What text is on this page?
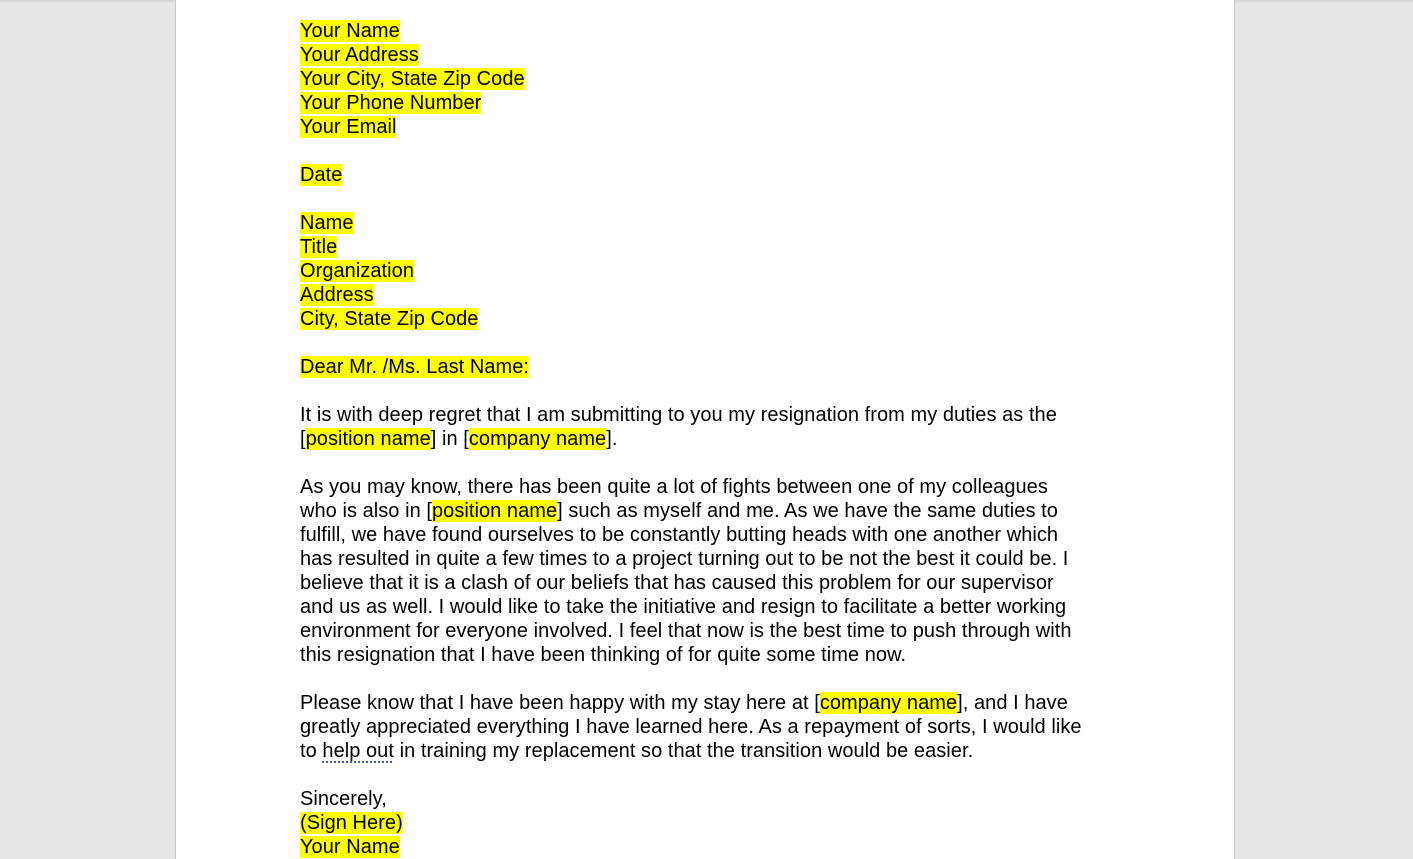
Your Name
Your Address
Your City, State Zip Code
Your Phone Number
Your Email
Date
Name
Title
Organization
Address
City, State Zip Code
Dear Mr. /Ms. Last Name:
It is with deep regret that I am submitting to you my resignation from my duties as the
[position name] in [company name].
As you may know, there has been quite a lot of fights between one of my colleagues
who is also in [position name] such as myself and me. As we have the same duties to
fulfill, we have found ourselves to be constantly butting heads with one another which
has resulted in quite a few times to a project turning out to be not the best it could be. I
believe that it is a clash of our beliefs that has caused this problem for our supervisor
and us as well. I would like to take the initiative and resign to facilitate a better working
environment for everyone involved. I feel that now is the best time to push through with
this resignation that I have been thinking of for quite some time now.
Please know that I have been happy with my stay here at [company name], and I have
greatly appreciated everything I have learned here. As a repayment of sorts, I would like
to help out in training my replacement so that the transition would be easier.
Sincerely,
(Sign Here)
Your Name
